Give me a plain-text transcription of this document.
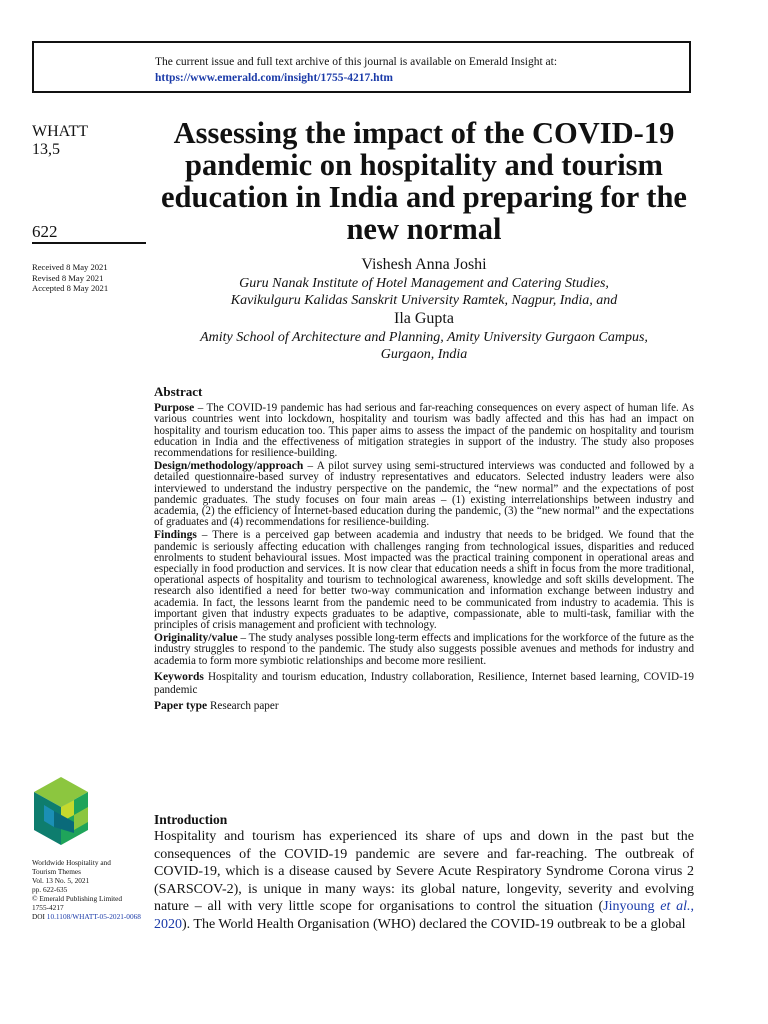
The current issue and full text archive of this journal is available on Emerald Insight at:
https://www.emerald.com/insight/1755-4217.htm
WHATT
13,5
622
Received 8 May 2021
Revised 8 May 2021
Accepted 8 May 2021
Assessing the impact of the COVID-19 pandemic on hospitality and tourism education in India and preparing for the new normal
Vishesh Anna Joshi
Guru Nanak Institute of Hotel Management and Catering Studies,
Kavikulguru Kalidas Sanskrit University Ramtek, Nagpur, India, and
Ila Gupta
Amity School of Architecture and Planning, Amity University Gurgaon Campus,
Gurgaon, India
Abstract

Purpose – The COVID-19 pandemic has had serious and far-reaching consequences on every aspect of human life. As various countries went into lockdown, hospitality and tourism was badly affected and this has had an impact on hospitality and tourism education too. This paper aims to assess the impact of the pandemic on hospitality and tourism education in India and the effectiveness of mitigation strategies in support of the industry. The study also proposes recommendations for resilience-building.

Design/methodology/approach – A pilot survey using semi-structured interviews was conducted and followed by a detailed questionnaire-based survey of industry representatives and educators. Selected industry leaders were also interviewed to understand the industry perspective on the pandemic, the “new normal” and the expectations of post pandemic graduates. The study focuses on four main areas – (1) existing interrelationships between industry and academia, (2) the efficiency of Internet-based education during the pandemic, (3) the “new normal” and the expectations of graduates and (4) recommendations for resilience-building.

Findings – There is a perceived gap between academia and industry that needs to be bridged. We found that the pandemic is seriously affecting education with challenges ranging from technological issues, disparities and reduced enrolments to student behavioural issues. Most impacted was the practical training component in operational areas and especially in food production and services. It is now clear that education needs a shift in focus from the more traditional, operational aspects of hospitality and tourism to technological awareness, knowledge and soft skills development. The research also identified a need for better two-way communication and information exchange between industry and academia. In fact, the lessons learnt from the pandemic need to be communicated from industry to academia. This is important given that industry expects graduates to be adaptive, compassionate, able to multi-task, familiar with the principles of crisis management and proficient with technology.

Originality/value – The study analyses possible long-term effects and implications for the workforce of the future as the industry struggles to respond to the pandemic. The study also suggests possible avenues and methods for industry and academia to form more symbiotic relationships and become more resilient.

Keywords Hospitality and tourism education, Industry collaboration, Resilience, Internet based learning, COVID-19 pandemic

Paper type Research paper

Worldwide Hospitality and
Tourism Themes
Vol. 13 No. 5, 2021
pp. 622-635
© Emerald Publishing Limited
1755-4217
DOI 10.1108/WHATT-05-2021-0068
Introduction

Hospitality and tourism has experienced its share of ups and down in the past but the consequences of the COVID-19 pandemic are severe and far-reaching. The outbreak of COVID-19, which is a disease caused by Severe Acute Respiratory Syndrome Corona virus 2 (SARSCOV-2), is unique in many ways: its global nature, longevity, severity and evolving nature – all with very little scope for organisations to control the situation (Jinyoung et al., 2020). The World Health Organisation (WHO) declared the COVID-19 outbreak to be a global
